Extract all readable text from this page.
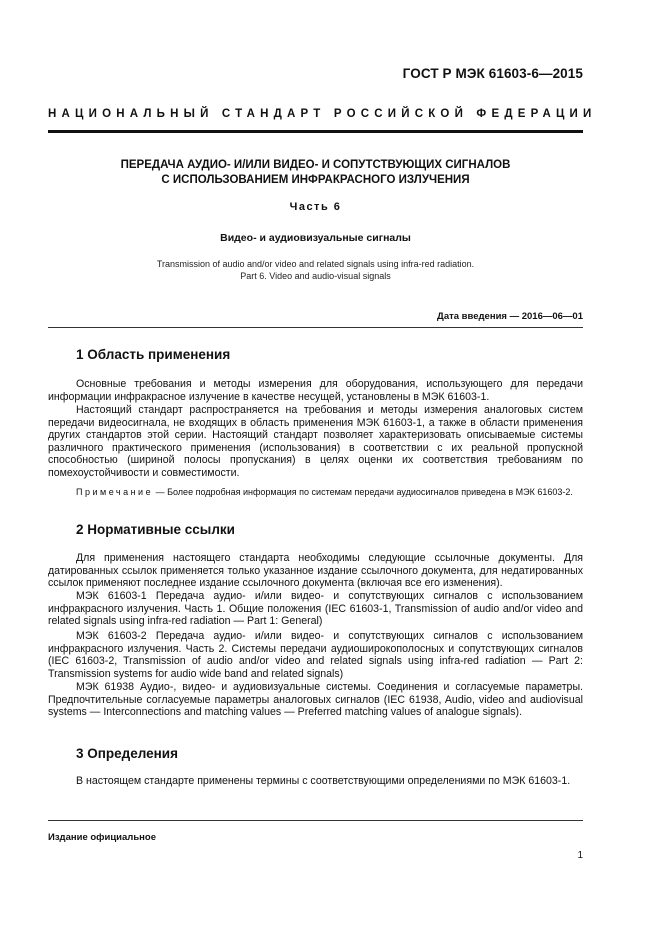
ГОСТ Р МЭК 61603-6—2015
НАЦИОНАЛЬНЫЙ СТАНДАРТ РОССИЙСКОЙ ФЕДЕРАЦИИ
ПЕРЕДАЧА АУДИО- И/ИЛИ ВИДЕО- И СОПУТСТВУЮЩИХ СИГНАЛОВ
С ИСПОЛЬЗОВАНИЕМ ИНФРАКРАСНОГО ИЗЛУЧЕНИЯ
Часть 6
Видео- и аудиовизуальные сигналы
Transmission of audio and/or video and related signals using infra-red radiation.
Part 6. Video and audio-visual signals
Дата введения — 2016—06—01
1 Область применения
Основные требования и методы измерения для оборудования, использующего для передачи информации инфракрасное излучение в качестве несущей, установлены в МЭК 61603-1.
Настоящий стандарт распространяется на требования и методы измерения аналоговых систем передачи видеосигнала, не входящих в область применения МЭК 61603-1, а также в области применения других стандартов этой серии. Настоящий стандарт позволяет характеризовать описываемые системы различного практического применения (использования) в соответствии с их реальной пропускной способностью (шириной полосы пропускания) в целях оценки их соответствия требованиям по помехоустойчивости и совместимости.
Примечание — Более подробная информация по системам передачи аудиосигналов приведена в МЭК 61603-2.
2 Нормативные ссылки
Для применения настоящего стандарта необходимы следующие ссылочные документы. Для датированных ссылок применяется только указанное издание ссылочного документа, для недатированных ссылок применяют последнее издание ссылочного документа (включая все его изменения).
МЭК 61603-1 Передача аудио- и/или видео- и сопутствующих сигналов с использованием инфракрасного излучения. Часть 1. Общие положения (IEC 61603-1, Transmission of audio and/or video and related signals using infra-red radiation — Part 1: General)
МЭК 61603-2 Передача аудио- и/или видео- и сопутствующих сигналов с использованием инфракрасного излучения. Часть 2. Системы передачи аудиоширокополосных и сопутствующих сигналов (IEC 61603-2, Transmission of audio and/or video and related signals using infra-red radiation — Part 2: Transmission systems for audio wide band and related signals)
МЭК 61938 Аудио-, видео- и аудиовизуальные системы. Соединения и согласуемые параметры. Предпочтительные согласуемые параметры аналоговых сигналов (IEC 61938, Audio, video and audiovisual systems — Interconnections and matching values — Preferred matching values of analogue signals).
3 Определения
В настоящем стандарте применены термины с соответствующими определениями по МЭК 61603-1.
Издание официальное
1
